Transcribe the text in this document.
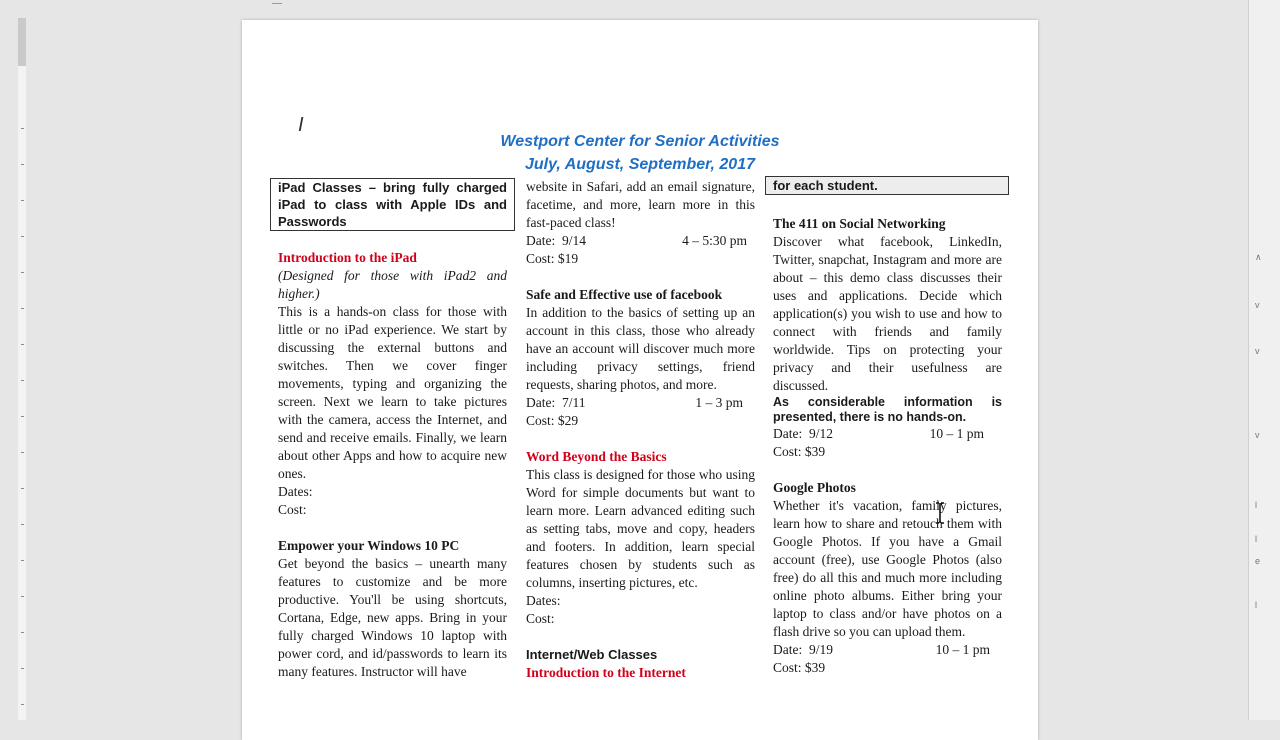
I
Westport Center for Senior Activities
July, August, September, 2017
iPad Classes – bring fully charged iPad to class with Apple IDs and Passwords
Introduction to the iPad

(Designed for those with iPad2 and higher.)

This is a hands-on class for those with little or no iPad experience. We start by discussing the external buttons and switches. Then we cover finger movements, typing and organizing the screen. Next we learn to take pictures with the camera, access the Internet, and send and receive emails. Finally, we learn about other Apps and how to acquire new ones.

Dates:
Cost:
Empower your Windows 10 PC

Get beyond the basics – unearth many features to customize and be more productive. You'll be using shortcuts, Cortana, Edge, new apps. Bring in your fully charged Windows 10 laptop with power cord, and id/passwords to learn its many features. Instructor will have

website in Safari, add an email signature, facetime, and more, learn more in this fast-paced class!

Date:  9/14	4 – 5:30 pm
Cost: $19
Safe and Effective use of facebook

In addition to the basics of setting up an account in this class, those who already have an account will discover much more including privacy settings, friend requests, sharing photos, and more.

Date:  7/11	1 – 3 pm
Cost: $29
Word Beyond the Basics

This class is designed for those who using Word for simple documents but want to learn more. Learn advanced editing such as setting tabs, move and copy, headers and footers. In addition, learn special features chosen by students such as columns, inserting pictures, etc.

Dates:
Cost:
Internet/Web Classes
Introduction to the Internet
for each student.
The 411 on Social Networking

Discover what facebook, LinkedIn, Twitter, snapchat, Instagram and more are about – this demo class discusses their uses and applications. Decide which application(s) you wish to use and how to connect with friends and family worldwide. Tips on protecting your privacy and their usefulness are discussed.

As considerable information is presented, there is no hands-on.

Date:  9/12	10 – 1 pm
Cost: $39
Google Photos

Whether it's vacation, family pictures, learn how to share and retouch them with Google Photos. If you have a Gmail account (free), use Google Photos (also free) do all this and much more including online photo albums. Either bring your laptop to class and/or have photos on a flash drive so you can upload them.

Date:  9/19	10 – 1 pm
Cost: $39
∧
v
v
v
l
l
e
l
